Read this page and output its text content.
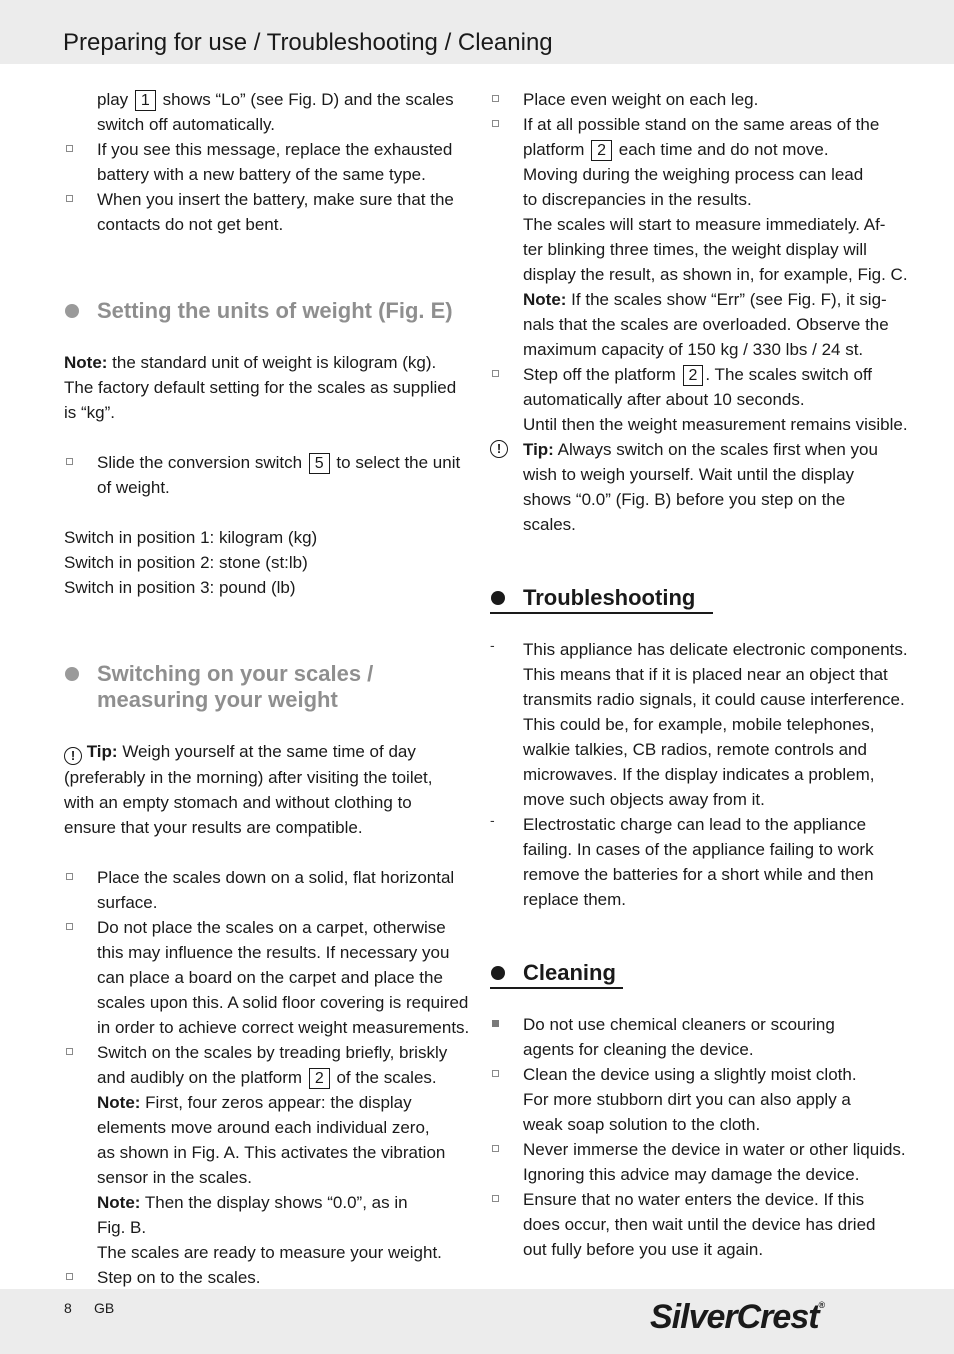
Preparing for use / Troubleshooting / Cleaning
play 1 shows “Lo” (see Fig. D) and the scales
switch off automatically.
If you see this message, replace the exhausted
battery with a new battery of the same type.
When you insert the battery, make sure that the
contacts do not get bent.
Setting the units of weight (Fig. E)
Note: the standard unit of weight is kilogram (kg).
The factory default setting for the scales as supplied
is “kg”.
Slide the conversion switch 5 to select the unit
of weight.
Switch in position 1: kilogram (kg)
Switch in position 2: stone (st:lb)
Switch in position 3: pound (lb)
Switching on your scales /
measuring your weight
! Tip: Weigh yourself at the same time of day
(preferably in the morning) after visiting the toilet,
with an empty stomach and without clothing to
ensure that your results are compatible.
Place the scales down on a solid, flat horizontal
surface.
Do not place the scales on a carpet, otherwise
this may influence the results. If necessary you
can place a board on the carpet and place the
scales upon this. A solid floor covering is required
in order to achieve correct weight measurements.
Switch on the scales by treading briefly, briskly
and audibly on the platform 2 of the scales.
Note: First, four zeros appear: the display
elements move around each individual zero,
as shown in Fig. A. This activates the vibration
sensor in the scales.
Note: Then the display shows “0.0”, as in
Fig. B.
The scales are ready to measure your weight.
Step on to the scales.
Place even weight on each leg.
If at all possible stand on the same areas of the
platform 2 each time and do not move.
Moving during the weighing process can lead
to discrepancies in the results.
The scales will start to measure immediately. Af-
ter blinking three times, the weight display will
display the result, as shown in, for example, Fig. C.
Note: If the scales show “Err” (see Fig. F), it sig-
nals that the scales are overloaded. Observe the
maximum capacity of 150 kg / 330 lbs / 24 st.
Step off the platform 2 . The scales switch off
automatically after about 10 seconds.
Until then the weight measurement remains visible.
!	Tip: Always switch on the scales first when you
wish to weigh yourself. Wait until the display
shows “0.0” (Fig. B) before you step on the
scales.
Troubleshooting
- This appliance has delicate electronic components.
This means that if it is placed near an object that
transmits radio signals, it could cause interference.
This could be, for example, mobile telephones,
walkie talkies, CB radios, remote controls and
microwaves. If the display indicates a problem,
move such objects away from it.
- Electrostatic charge can lead to the appliance
failing. In cases of the appliance failing to work
remove the batteries for a short while and then
replace them.
Cleaning
Do not use chemical cleaners or scouring
agents for cleaning the device.
Clean the device using a slightly moist cloth.
For more stubborn dirt you can also apply a
weak soap solution to the cloth.
Never immerse the device in water or other liquids.
Ignoring this advice may damage the device.
Ensure that no water enters the device. If this
does occur, then wait until the device has dried
out fully before you use it again.
8 GB	SilverCrest®
